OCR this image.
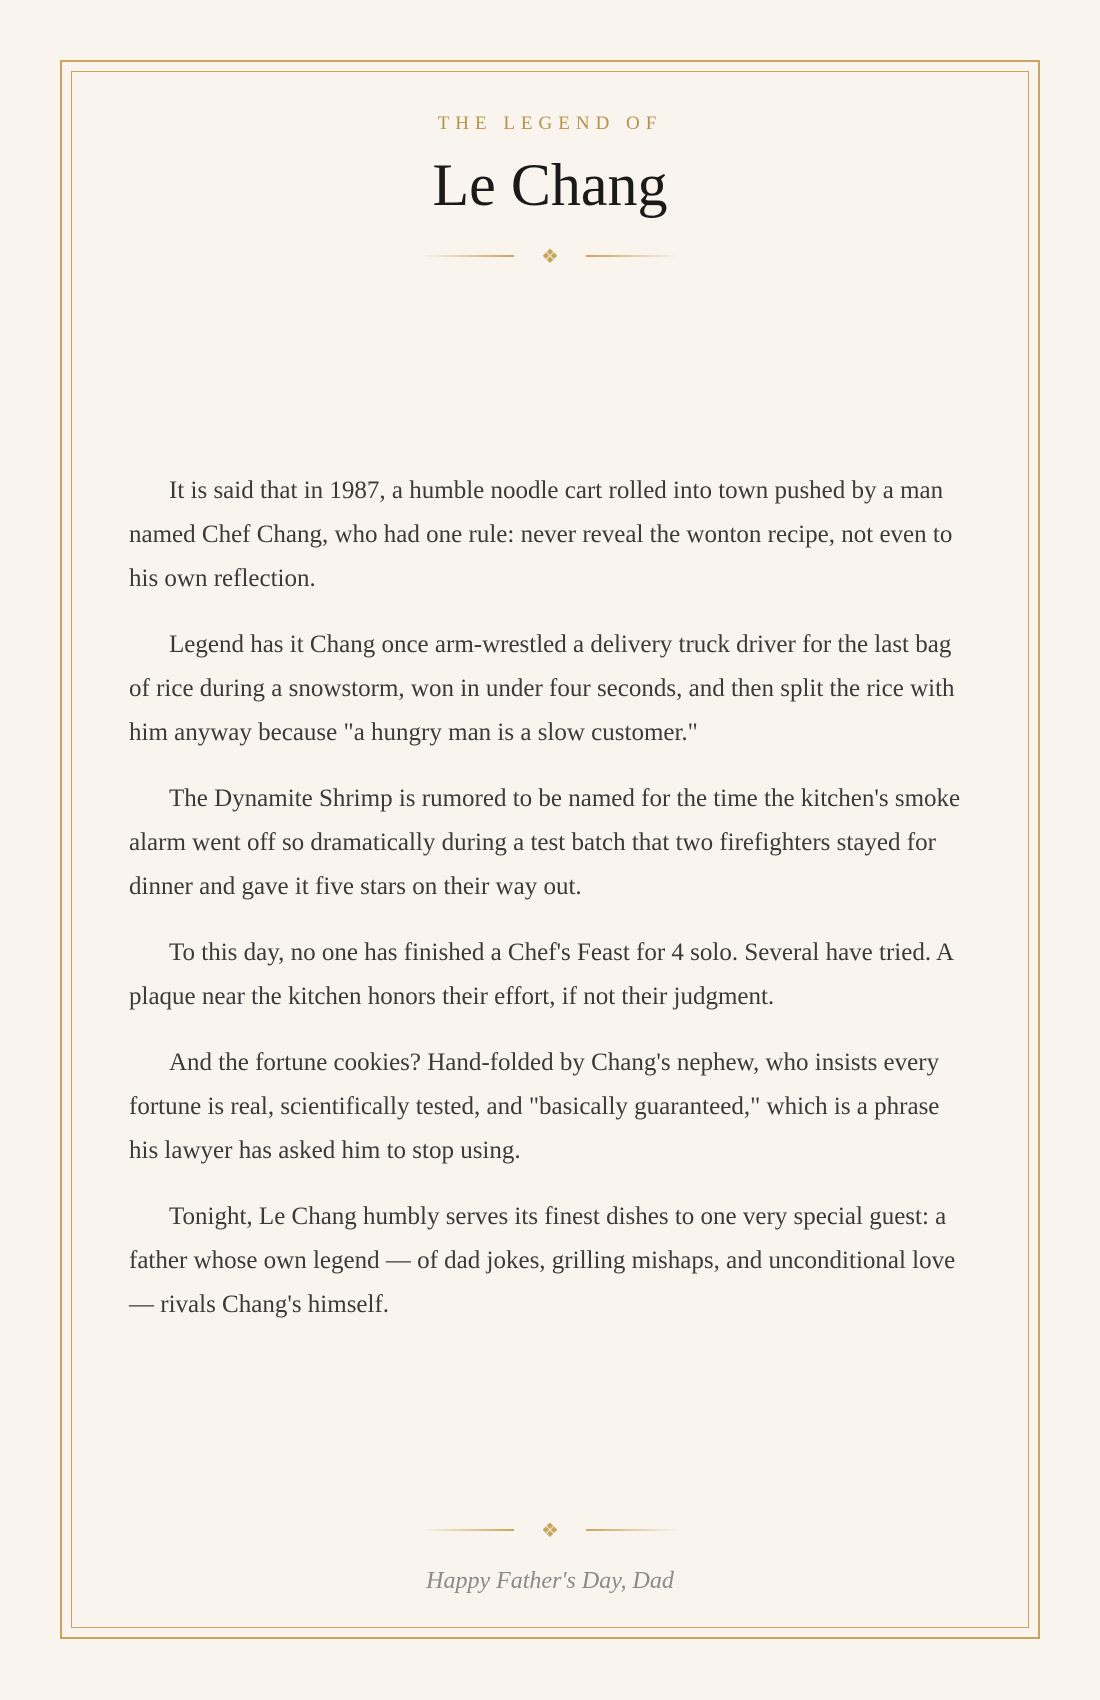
THE LEGEND OF
Le Chang
❖

It is said that in 1987, a humble noodle cart rolled into town pushed by a man named Chef Chang, who had one rule: never reveal the wonton recipe, not even to his own reflection.

Legend has it Chang once arm-wrestled a delivery truck driver for the last bag of rice during a snowstorm, won in under four seconds, and then split the rice with him anyway because "a hungry man is a slow customer."

The Dynamite Shrimp is rumored to be named for the time the kitchen's smoke alarm went off so dramatically during a test batch that two firefighters stayed for dinner and gave it five stars on their way out.

To this day, no one has finished a Chef's Feast for 4 solo. Several have tried. A plaque near the kitchen honors their effort, if not their judgment.

And the fortune cookies? Hand-folded by Chang's nephew, who insists every fortune is real, scientifically tested, and "basically guaranteed," which is a phrase his lawyer has asked him to stop using.

Tonight, Le Chang humbly serves its finest dishes to one very special guest: a father whose own legend — of dad jokes, grilling mishaps, and unconditional love — rivals Chang's himself.

❖
Happy Father's Day, Dad
